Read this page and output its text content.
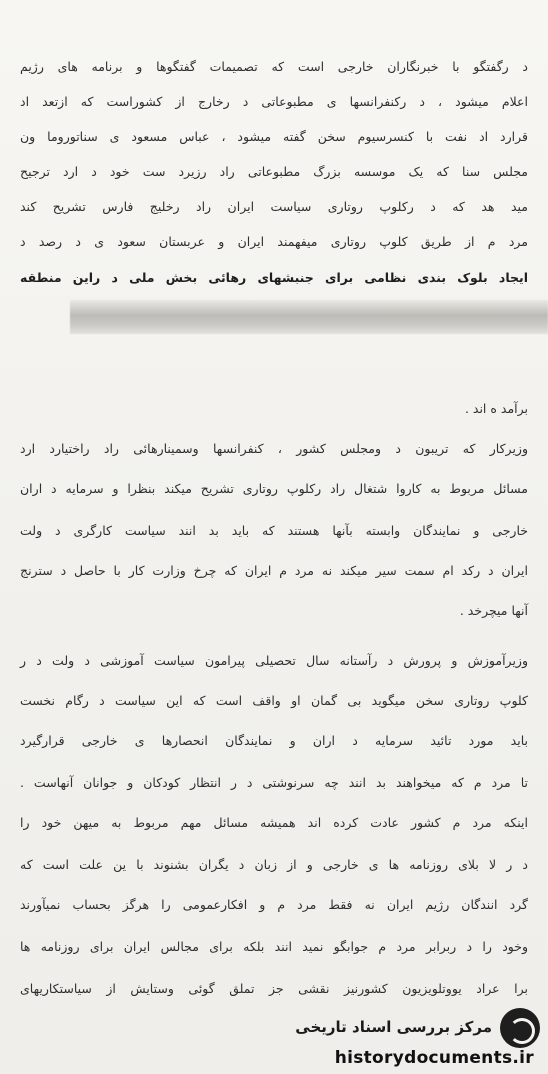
د رگفتگو با خبرنگاران خارجی است که تصمیمات گفتگوها و برنامه های رژیم
اعلام میشود ، د رکنفرانسها ی مطبوعاتی د رخارج از کشوراست که ازتعد اد
قرارد اد نفت با کنسرسیوم سخن گفته میشود ، عباس مسعود ی سناتوروما ون
مجلس سنا که یک موسسه بزرگ مطبوعاتی راد رزیرد ست خود د ارد ترجیح
مید هد که د رکلوپ روتاری سیاست ایران راد رخلیج فارس تشریح کند
مرد م از طریق کلوپ روتاری میفهمند ایران و عربستان سعود ی د رصد د
ایجاد بلوک بندی نظامی برای جنبشهای رهائی بخش ملی د راین منطقه
برآمد ه اند .
وزیرکار که تریبون د ومجلس کشور ، کنفرانسها وسمینارهائی راد راختیارد ارد
مسائل مربوط به کاروا شتغال راد رکلوپ روتاری تشریح میکند بنظرا و سرمایه د اران
خارجی و نمایندگان وابسته بآنها هستند که باید بد انند سیاست کارگری د ولت
ایران د رکد ام سمت سیر میکند نه مرد م ایران که چرخ وزارت کار با حاصل د سترنج
آنها میچرخد .
وزیرآموزش و پرورش د رآستانه سال تحصیلی پیرامون سیاست آموزشی د ولت د ر
کلوپ روتاری سخن میگوید بی گمان او واقف است که این سیاست د رگام نخست
باید مورد تائید سرمایه د اران و نمایندگان انحصارها ی خارجی قرارگیرد
تا مرد م که میخواهند بد انند چه سرنوشتی د ر انتظار کودکان و جوانان آنهاست .
اینکه مرد م کشور عادت کرده اند همیشه مسائل مهم مربوط به میهن خود را
د ر لا بلای روزنامه ها ی خارجی و از زبان د یگران بشنوند با ین علت است که
گرد انندگان رژیم ایران نه فقط مرد م و افکارعمومی را هرگز بحساب نمیآورند
وخود را د ربرابر مرد م جوابگو نمید انند بلکه برای مجالس ایران برای روزنامه ها
برا عراد یووتلویزیون کشورنیز نقشی جز تملق گوئی وستایش از سیاستکاریهای
مرکز بررسی اسناد تاریخی
historydocuments.ir
